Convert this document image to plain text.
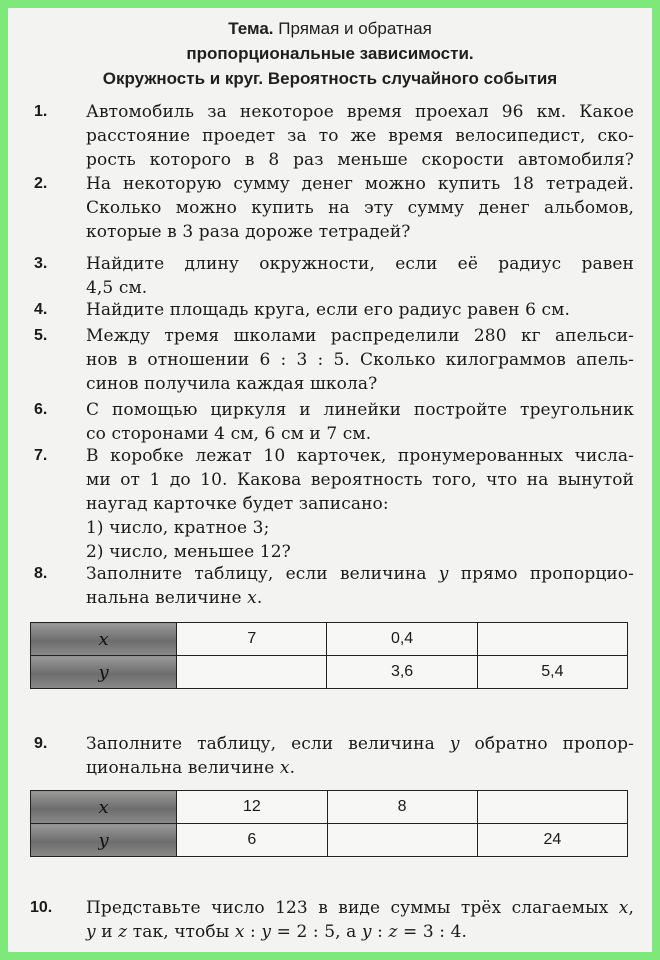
Тема. Прямая и обратная
пропорциональные зависимости.
Окружность и круг. Вероятность случайного события
1. Автомобиль за некоторое время проехал 96 км. Какое
расстояние проедет за то же время велосипедист, ско-
рость которого в 8 раз меньше скорости автомобиля?
2. На некоторую сумму денег можно купить 18 тетрадей.
Сколько можно купить на эту сумму денег альбомов,
которые в 3 раза дороже тетрадей?
3. Найдите длину окружности, если её радиус равен
4,5 см.
4. Найдите площадь круга, если его радиус равен 6 см.
5. Между тремя школами распределили 280 кг апельси-
нов в отношении 6 : 3 : 5. Сколько килограммов апель-
синов получила каждая школа?
6. С помощью циркуля и линейки постройте треугольник
со сторонами 4 см, 6 см и 7 см.
7. В коробке лежат 10 карточек, пронумерованных числа-
ми от 1 до 10. Какова вероятность того, что на вынутой
наугад карточке будет записано:
1) число, кратное 3;
2) число, меньшее 12?
8. Заполните таблицу, если величина y прямо пропорцио-
нальна величине x.
x	7	0,4	
y		3,6	5,4
9. Заполните таблицу, если величина y обратно пропор-
циональна величине x.
x	12	8	
y	6		24
10. Представьте число 123 в виде суммы трёх слагаемых x,
y и z так, чтобы x : y = 2 : 5, а y : z = 3 : 4.
